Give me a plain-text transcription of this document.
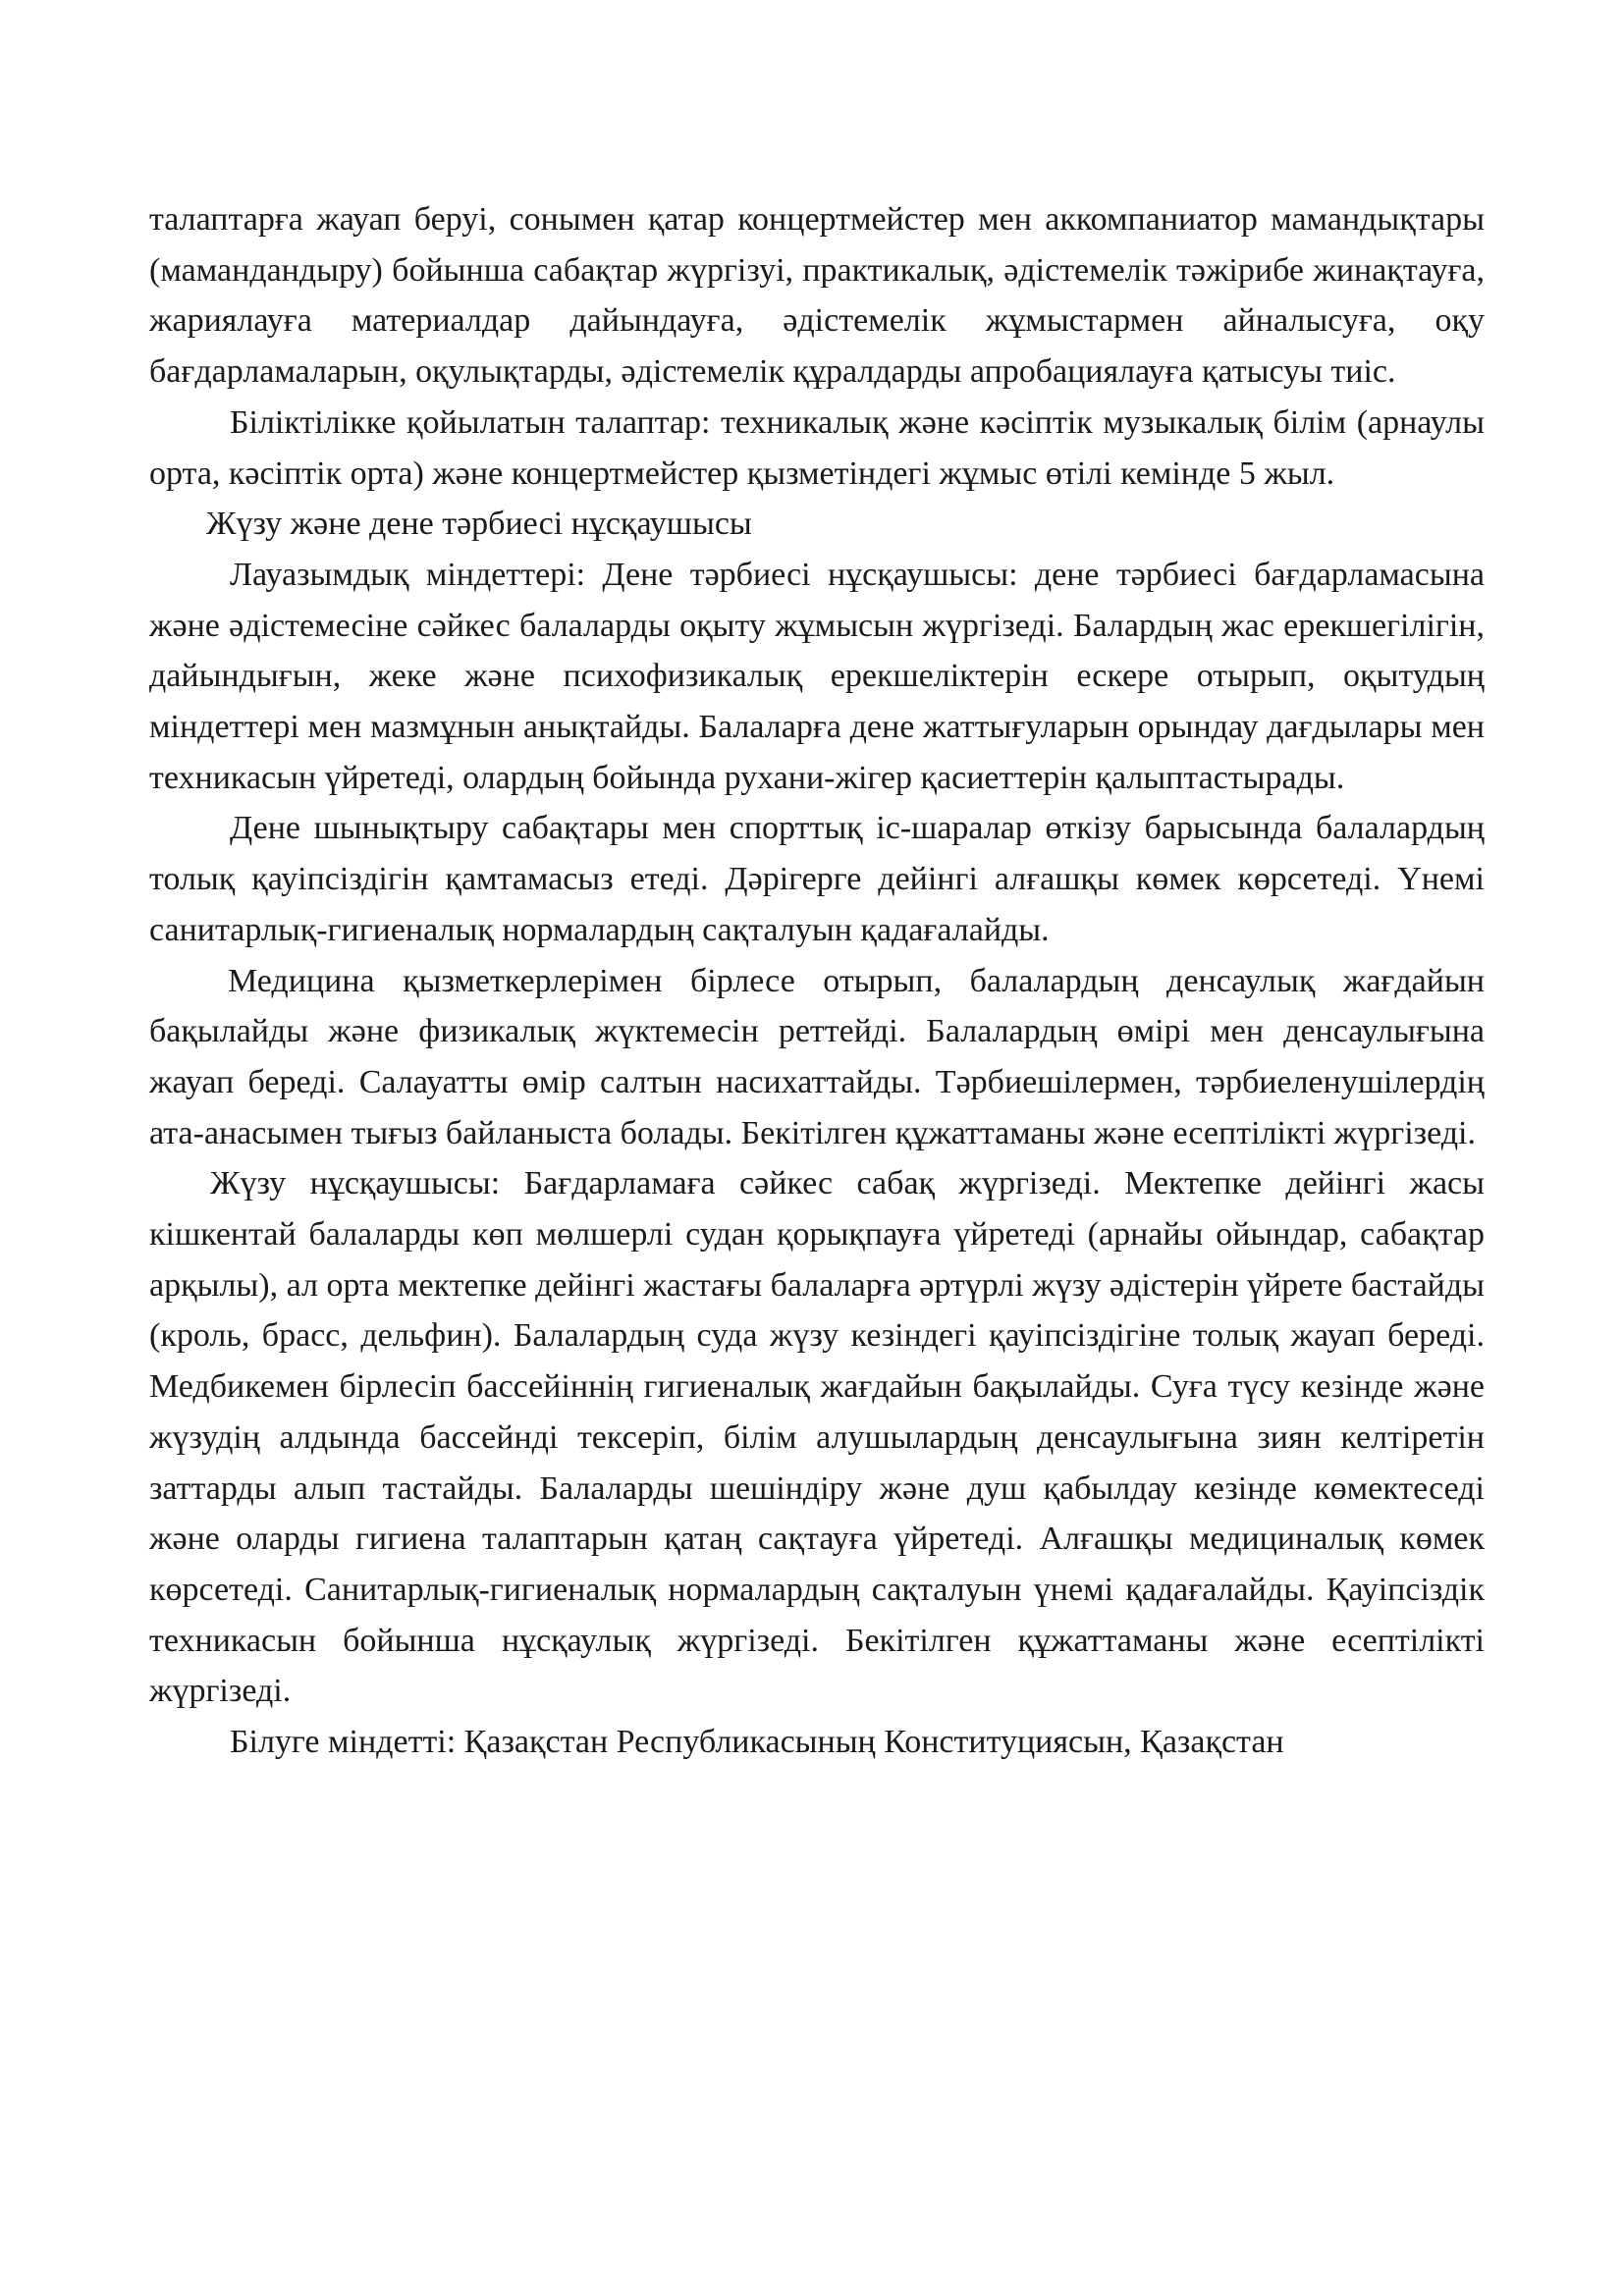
талаптарға жауап беруі, сонымен қатар концертмейстер мен аккомпаниатор мамандықтары (мамандандыру) бойынша сабақтар жүргізуі, практикалық, әдістемелік тәжірибе жинақтауға, жариялауға материалдар дайындауға, әдістемелік жұмыстармен айналысуға, оқу бағдарламаларын, оқулықтарды, әдістемелік құралдарды апробациялауға қатысуы тиіс.

Біліктілікке қойылатын талаптар: техникалық және кәсіптік музыкалық білім (арнаулы орта, кәсіптік орта) және концертмейстер қызметіндегі жұмыс өтілі кемінде 5 жыл.

Жүзу және дене тәрбиесі нұсқаушысы

Лауазымдық міндеттері: Дене тәрбиесі нұсқаушысы: дене тәрбиесі бағдарламасына және әдістемесіне сәйкес балаларды оқыту жұмысын жүргізеді. Балардың жас ерекшегілігін, дайындығын, жеке және психофизикалық ерекшеліктерін ескере отырып, оқытудың міндеттері мен мазмұнын анықтайды. Балаларға дене жаттығуларын орындау дағдылары мен техникасын үйретеді, олардың бойында рухани-жігер қасиеттерін қалыптастырады.

Дене шынықтыру сабақтары мен спорттық іс-шаралар өткізу барысында балалардың толық қауіпсіздігін қамтамасыз етеді. Дәрігерге дейінгі алғашқы көмек көрсетеді. Үнемі санитарлық-гигиеналық нормалардың сақталуын қадағалайды.

Медицина қызметкерлерімен бірлесе отырып, балалардың денсаулық жағдайын бақылайды және физикалық жүктемесін реттейді. Балалардың өмірі мен денсаулығына жауап береді. Салауатты өмір салтын насихаттайды. Тәрбиешілермен, тәрбиеленушілердің ата-анасымен тығыз байланыста болады. Бекітілген құжаттаманы және есептілікті жүргізеді.

Жүзу нұсқаушысы: Бағдарламаға сәйкес сабақ жүргізеді. Мектепке дейінгі жасы кішкентай балаларды көп мөлшерлі судан қорықпауға үйретеді (арнайы ойындар, сабақтар арқылы), ал орта мектепке дейінгі жастағы балаларға әртүрлі жүзу әдістерін үйрете бастайды (кроль, брасс, дельфин). Балалардың суда жүзу кезіндегі қауіпсіздігіне толық жауап береді. Медбикемен бірлесіп бассейіннің гигиеналық жағдайын бақылайды. Суға түсу кезінде және жүзудің алдында бассейнді тексеріп, білім алушылардың денсаулығына зиян келтіретін заттарды алып тастайды. Балаларды шешіндіру және душ қабылдау кезінде көмектеседі және оларды гигиена талаптарын қатаң сақтауға үйретеді. Алғашқы медициналық көмек көрсетеді. Санитарлық-гигиеналық нормалардың сақталуын үнемі қадағалайды. Қауіпсіздік техникасын бойынша нұсқаулық жүргізеді. Бекітілген құжаттаманы және есептілікті жүргізеді.

Білуге міндетті: Қазақстан Республикасының Конституциясын, Қазақстан
